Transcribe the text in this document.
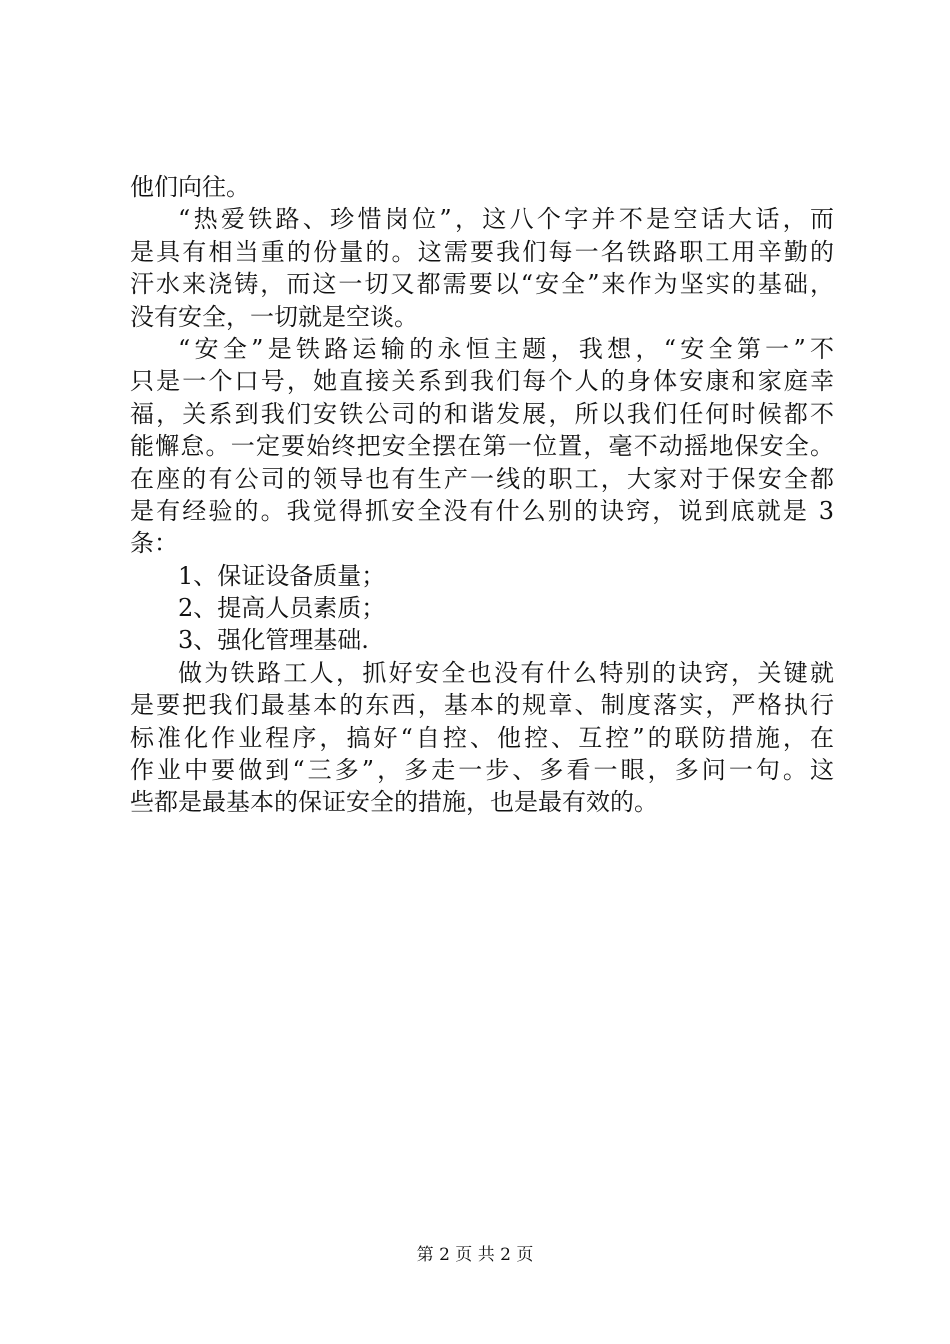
他们向往。
“热爱铁路、珍惜岗位”，这八个字并不是空话大话，而
是具有相当重的份量的。这需要我们每一名铁路职工用辛勤的
汗水来浇铸，而这一切又都需要以“安全”来作为坚实的基础，
没有安全，一切就是空谈。
“安全”是铁路运输的永恒主题，我想，“安全第一”不
只是一个口号，她直接关系到我们每个人的身体安康和家庭幸
福，关系到我们安铁公司的和谐发展，所以我们任何时候都不
能懈怠。一定要始终把安全摆在第一位置，毫不动摇地保安全。
在座的有公司的领导也有生产一线的职工，大家对于保安全都
是有经验的。我觉得抓安全没有什么别的诀窍，说到底就是 3
条：
1、保证设备质量；
2、提高人员素质；
3、强化管理基础.
做为铁路工人，抓好安全也没有什么特别的诀窍，关键就
是要把我们最基本的东西，基本的规章、制度落实，严格执行
标准化作业程序，搞好“自控、他控、互控”的联防措施，在
作业中要做到“三多”，多走一步、多看一眼，多问一句。这
些都是最基本的保证安全的措施，也是最有效的。
第 2 页 共 2 页
